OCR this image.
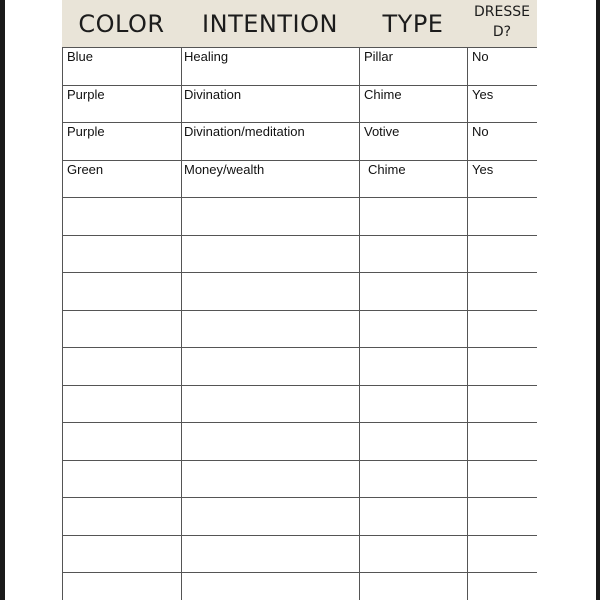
COLOR	INTENTION	TYPE	DRESSED?
Blue	Healing	Pillar	No

Purple	Divination	Chime	Yes

Purple	Divination/meditation	Votive	No

Green	Money/wealth	Chime	Yes
